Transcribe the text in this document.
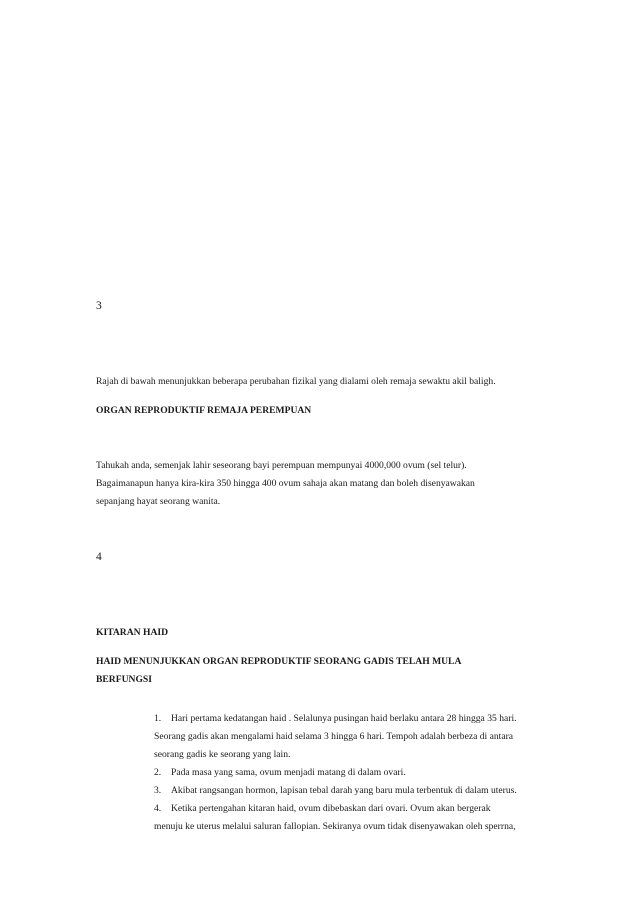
3

Rajah di bawah menunjukkan beberapa perubahan fizikal yang dialami oleh remaja sewaktu akil baligh.

ORGAN REPRODUKTIF REMAJA PEREMPUAN

Tahukah anda, semenjak lahir seseorang bayi perempuan mempunyai 4000,000 ovum (sel telur).
Bagaimanapun hanya kira-kira 350 hingga 400 ovum sahaja akan matang dan boleh disenyawakan
sepanjang hayat seorang wanita.

4

KITARAN HAID

HAID MENUNJUKKAN ORGAN REPRODUKTIF SEORANG GADIS TELAH MULA
BERFUNGSI
1. Hari pertama kedatangan haid . Selalunya pusingan haid berlaku antara 28 hingga 35 hari.
Seorang gadis akan mengalami haid selama 3 hingga 6 hari. Tempoh adalah berbeza di antara
seorang gadis ke seorang yang lain.
2. Pada masa yang sama, ovum menjadi matang di dalam ovari.
3. Akibat rangsangan hormon, lapisan tebal darah yang baru mula terbentuk di dalam uterus.
4. Ketika pertengahan kitaran haid, ovum dibebaskan dari ovari. Ovum akan bergerak
menuju ke uterus melalui saluran fallopian. Sekiranya ovum tidak disenyawakan oleh sperrna,
